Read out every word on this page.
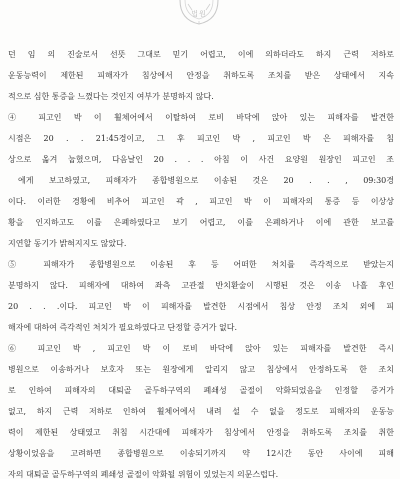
법원
던 임 의 진술로서 선뜻 그대로 믿기 어렵고, 이에 의하더라도 하지 근력 저하로
운동능력이 제한된 피해자가 침상에서 안정을 취하도록 조치를 받은 상태에서 지속
적으로 심한 통증을 느꼈다는 것인지 여부가 분명하지 않다.
④ 피고인 박 이 휠체어에서 이탈하여 로비 바닥에 앉아 있는 피해자를 발견한
시점은 20 . . 21:45경이고, 그 후 피고인 박 , 피고인 박 은 피해자를 침
상으로 옮겨 눕혔으며, 다음날인 20 . . . 아침 이 사건 요양원 원장인 피고인 조
에게 보고하였고, 피해자가 종합병원으로 이송된 것은 20 . . , 09:30경
이다. 이러한 경황에 비추어 피고인 곽 , 피고인 박 이 피해자의 통증 등 이상상
황을 인지하고도 이를 은폐하였다고 보기 어렵고, 이를 은폐하거나 이에 관한 보고를
지연할 동기가 밝혀지지도 않았다.
⑤ 피해자가 종합병원으로 이송된 후 등 어떠한 처치를 즉각적으로 받았는지
분명하지 않다. 피해자에 대하여 좌측 고관절 반치환술이 시행된 것은 이송 나흘 후인
20 . . .이다. 피고인 박 이 피해자를 발견한 시점에서 침상 안정 조치 외에 피
해자에 대하여 즉각적인 처치가 필요하였다고 단정할 증거가 없다.
⑥ 피고인 박 , 피고인 박 이 로비 바닥에 앉아 있는 피해자를 발견한 즉시
병원으로 이송하거나 보호자 또는 원장에게 알리지 않고 침상에서 안정하도록 한 조치
로 인하여 피해자의 대퇴골 골두하구역의 폐쇄성 골절이 악화되었음을 인정할 증거가
없고, 하지 근력 저하로 인하여 휠체어에서 내려 설 수 없을 정도로 피해자의 운동능
력이 제한된 상태였고 취침 시간대에 피해자가 침상에서 안정을 취하도록 조치를 취한
상황이었음을 고려하면 종합병원으로 이송되기까지 약 12시간 동안 사이에 피해
자의 대퇴골 골두하구역의 폐쇄성 골절이 악화될 위험이 있었는지 의문스럽다.
